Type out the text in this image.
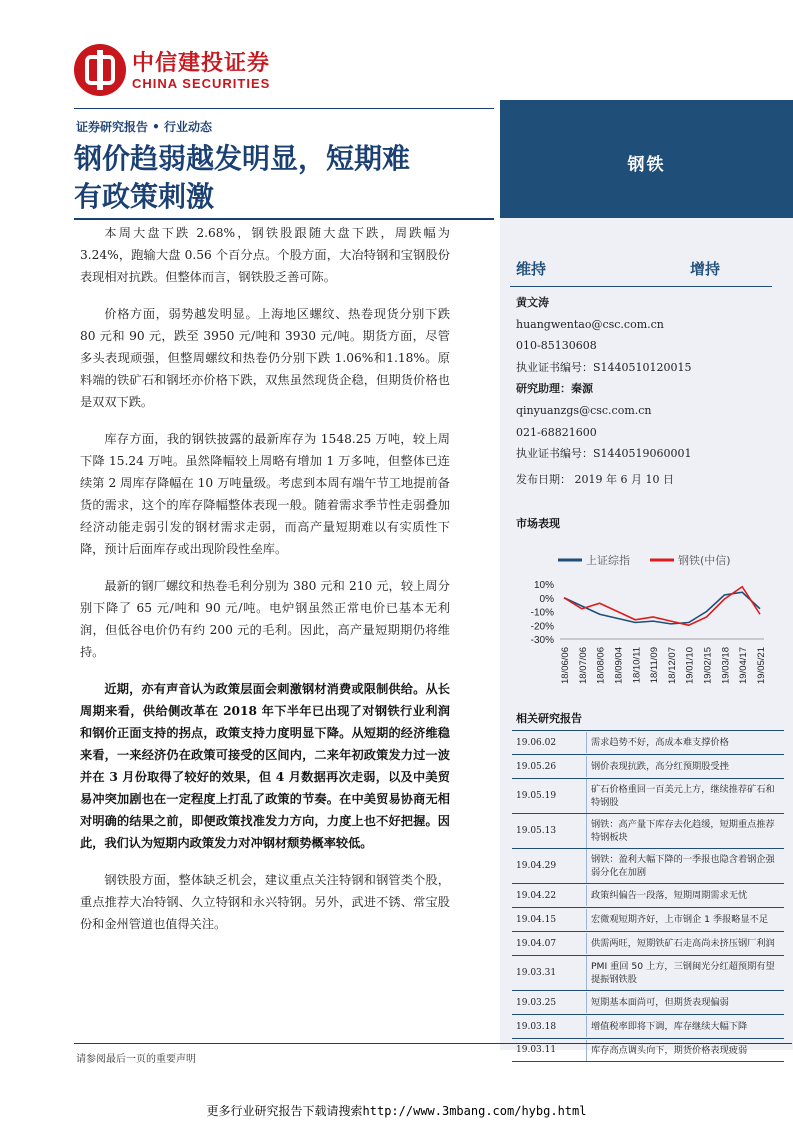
钢铁
中信建投证券
CHINA SECURITIES
证券研究报告 • 行业动态
钢价趋弱越发明显，短期难
有政策刺激

本周大盘下跌 2.68%，钢铁股跟随大盘下跌，周跌幅为3.24%，跑输大盘 0.56 个百分点。个股方面，大冶特钢和宝钢股份表现相对抗跌。但整体而言，钢铁股乏善可陈。

价格方面，弱势越发明显。上海地区螺纹、热卷现货分别下跌 80 元和 90 元，跌至 3950 元/吨和 3930 元/吨。期货方面，尽管多头表现顽强，但整周螺纹和热卷仍分别下跌 1.06%和1.18%。原料端的铁矿石和钢坯亦价格下跌，双焦虽然现货企稳，但期货价格也是双双下跌。

库存方面，我的钢铁披露的最新库存为 1548.25 万吨，较上周下降 15.24 万吨。虽然降幅较上周略有增加 1 万多吨，但整体已连续第 2 周库存降幅在 10 万吨量级。考虑到本周有端午节工地提前备货的需求，这个的库存降幅整体表现一般。随着需求季节性走弱叠加经济动能走弱引发的钢材需求走弱，而高产量短期难以有实质性下降，预计后面库存或出现阶段性垒库。

最新的钢厂螺纹和热卷毛利分别为 380 元和 210 元，较上周分别下降了 65 元/吨和 90 元/吨。电炉钢虽然正常电价已基本无利润，但低谷电价仍有约 200 元的毛利。因此，高产量短期期仍将维持。

近期，亦有声音认为政策层面会刺激钢材消费或限制供给。从长周期来看，供给侧改革在 2018 年下半年已出现了对钢铁行业利润和钢价正面支持的拐点，政策支持力度明显下降。从短期的经济维稳来看，一来经济仍在政策可接受的区间内，二来年初政策发力过一波并在 3 月份取得了较好的效果，但 4 月数据再次走弱，以及中美贸易冲突加剧也在一定程度上打乱了政策的节奏。在中美贸易协商无相对明确的结果之前，即便政策找准发力方向，力度上也不好把握。因此，我们认为短期内政策发力对冲钢材颓势概率较低。

钢铁股方面，整体缺乏机会，建议重点关注特钢和钢管类个股，重点推荐大冶特钢、久立特钢和永兴特钢。另外，武进不锈、常宝股份和金州管道也值得关注。

维持	增持
黄文涛
huangwentao@csc.com.cn
010-85130608
执业证书编号：S1440510120015
研究助理：秦源
qinyuanzgs@csc.com.cn
021-68821600
执业证书编号：S1440519060001
发布日期： 2019 年 6 月 10 日
市场表现
上证综指	钢铁(中信)
10%
0%
-10%
-20%
-30%
18/06/06 18/07/06 18/08/06 18/09/04 18/10/11 18/11/09 18/12/07 19/01/10 19/02/15 19/03/18 19/04/17 19/05/21
相关研究报告
19.06.02	需求趋势不好，高成本难支撑价格
19.05.26	钢价表现抗跌，高分红预期股受挫
19.05.19
矿石价格重回一百美元上方，继续推荐矿石和特钢股
19.05.13
钢铁：高产量下库存去化趋缓，短期重点推荐特钢板块
19.04.29
钢铁：盈利大幅下降的一季报也隐含着钢企强弱分化在加剧
19.04.22	政策纠偏告一段落，短期周期需求无忧
19.04.15	宏微观短期齐好，上市钢企 1 季报略显不足
19.04.07	供需两旺，短期铁矿石走高尚未挤压钢厂利润
19.03.31
PMI 重回 50 上方，三钢闽光分红超预期有望提振钢铁股
19.03.25	短期基本面尚可，但期货表现偏弱
19.03.18	增值税率即将下调，库存继续大幅下降
19.03.11	库存高点调头向下，期货价格表现疲弱
请参阅最后一页的重要声明
更多行业研究报告下载请搜索http://www.3mbang.com/hybg.html
